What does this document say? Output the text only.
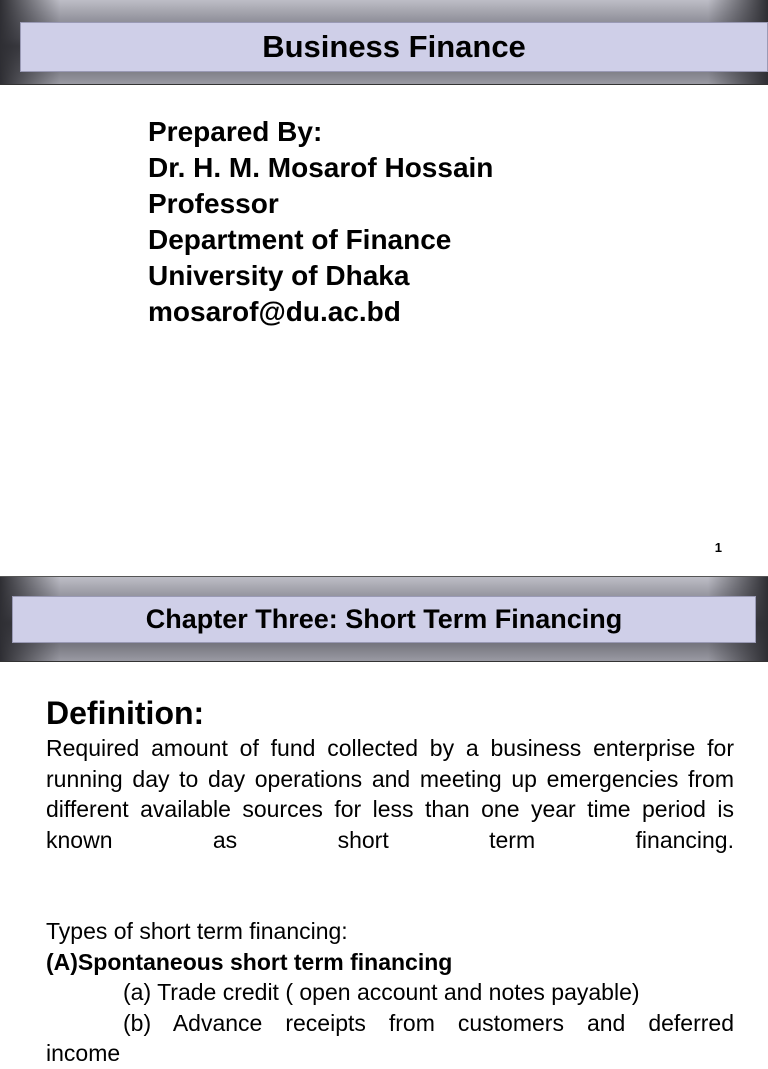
Business Finance
Prepared By:
Dr. H. M. Mosarof Hossain
Professor
Department of Finance
University of Dhaka
mosarof@du.ac.bd
1
Chapter Three: Short Term Financing
Definition:

Required amount of fund collected by a business enterprise for running day to day operations and meeting up emergencies from different available sources for less than one year time period is known as short term financing.

Types of short term financing:
(A)Spontaneous short term financing
(a) Trade credit ( open account and notes payable)
(b) Advance receipts from customers and deferred
income
